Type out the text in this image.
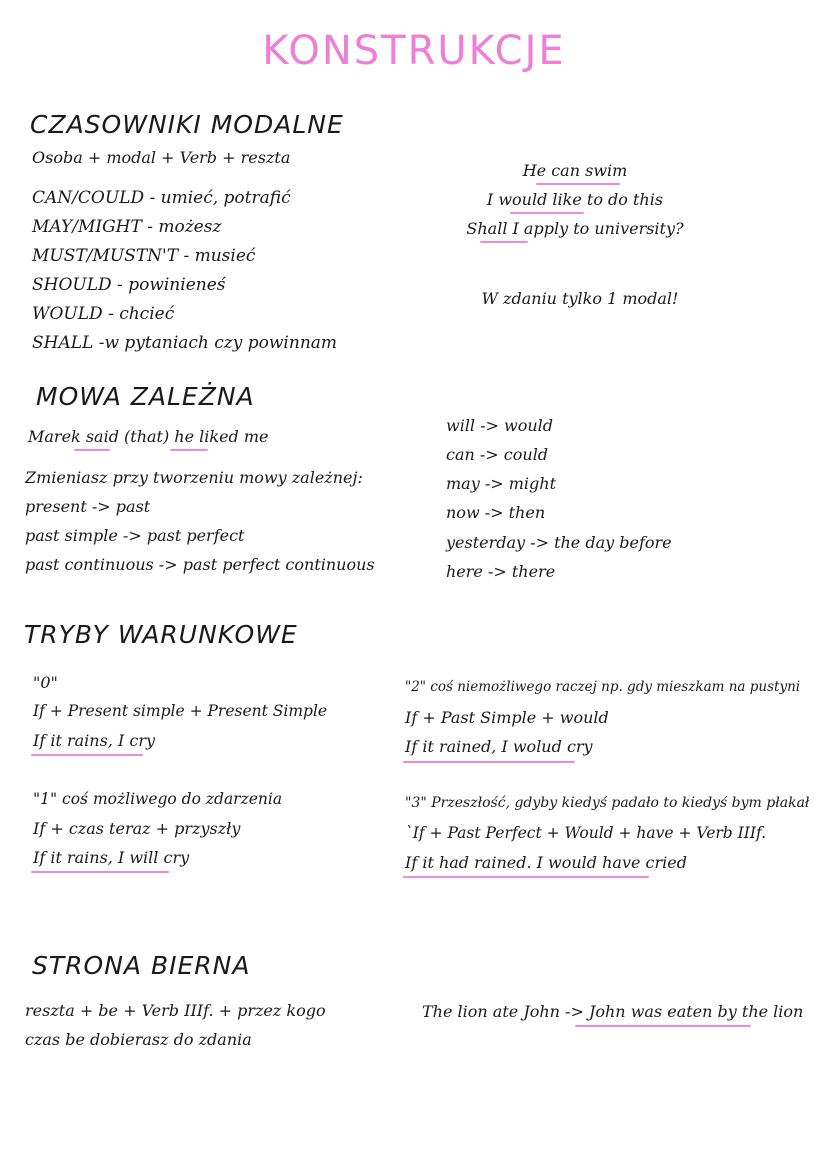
KONSTRUKCJE
CZASOWNIKI MODALNE
Osoba + modal + Verb + reszta
CAN/COULD - umieć, potrafić
MAY/MIGHT - możesz
MUST/MUSTN'T - musieć
SHOULD - powinieneś
WOULD - chcieć
SHALL -w pytaniach czy powinnam
He can swim
I would like to do this
Shall I apply to university?
W zdaniu tylko 1 modal!
MOWA ZALEŻNA
Marek said (that) he liked me
Zmieniasz przy tworzeniu mowy zależnej:
present -> past
past simple -> past perfect
past continuous -> past perfect continuous
will -> would
can -> could
may -> might
now -> then
yesterday -> the day before
here -> there
TRYBY WARUNKOWE
"0"
If + Present simple + Present Simple
If it rains, I cry
"1" coś możliwego do zdarzenia
If + czas teraz + przyszły
If it rains, I will cry
"2" coś niemożliwego raczej np. gdy mieszkam na pustyni
If + Past Simple + would
If it rained, I wolud cry
"3" Przeszłość, gdyby kiedyś padało to kiedyś bym płakał
`If + Past Perfect + Would + have + Verb IIIf.
If it had rained. I would have cried
STRONA BIERNA
reszta + be + Verb IIIf. + przez kogo
czas be dobierasz do zdania
The lion ate John -> John was eaten by the lion
